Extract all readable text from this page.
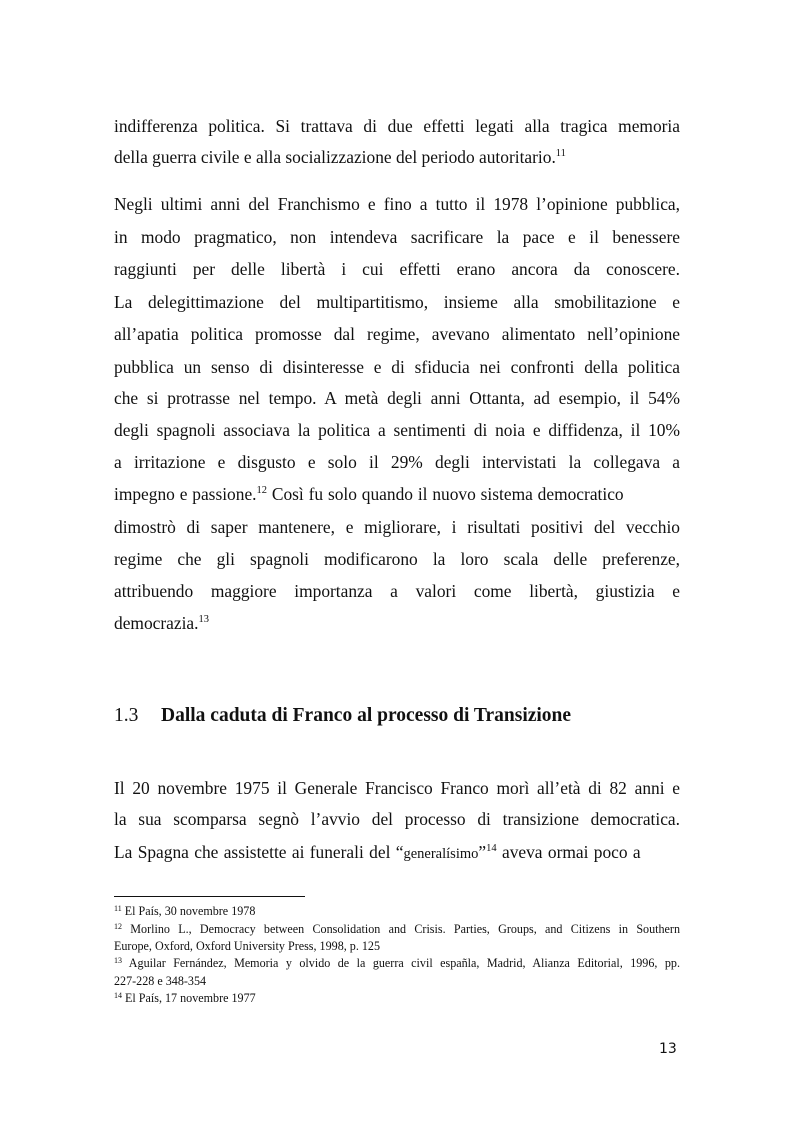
indifferenza politica. Si trattava di due effetti legati alla tragica memoria
della guerra civile e alla socializzazione del periodo autoritario.$^{11}$
Negli ultimi anni del Franchismo e fino a tutto il 1978 l’opinione pubblica,
in modo pragmatico, non intendeva sacrificare la pace e il benessere
raggiunti per delle libertà i cui effetti erano ancora da conoscere.
La delegittimazione del multipartitismo, insieme alla smobilitazione e
all’apatia politica promosse dal regime, avevano alimentato nell’opinione
pubblica un senso di disinteresse e di sfiducia nei confronti della politica
che si protrasse nel tempo. A metà degli anni Ottanta, ad esempio, il 54%
degli spagnoli associava la politica a sentimenti di noia e diffidenza, il 10%
a irritazione e disgusto e solo il 29% degli intervistati la collegava a
impegno e passione.$^{12}$ Così fu solo quando il nuovo sistema democratico
dimostrò di saper mantenere, e migliorare, i risultati positivi del vecchio
regime che gli spagnoli modificarono la loro scala delle preferenze,
attribuendo maggiore importanza a valori come libertà, giustizia e
democrazia.$^{13}$
1.3 Dalla caduta di Franco al processo di Transizione
Il 20 novembre 1975 il Generale Francisco Franco morì all’età di 82 anni e
la sua scomparsa segnò l’avvio del processo di transizione democratica.
La Spagna che assistette ai funerali del “generalísimo”$^{14}$ aveva ormai poco a
$^{11}$ El País, 30 novembre 1978
$^{12}$ Morlino L., Democracy between Consolidation and Crisis. Parties, Groups, and Citizens in Southern
Europe, Oxford, Oxford University Press, 1998, p. 125
$^{13}$ Aguilar Fernández, Memoria y olvido de la guerra civil españla, Madrid, Alianza Editorial, 1996, pp.
227-228 e 348-354
$^{14}$ El País, 17 novembre 1977
13
